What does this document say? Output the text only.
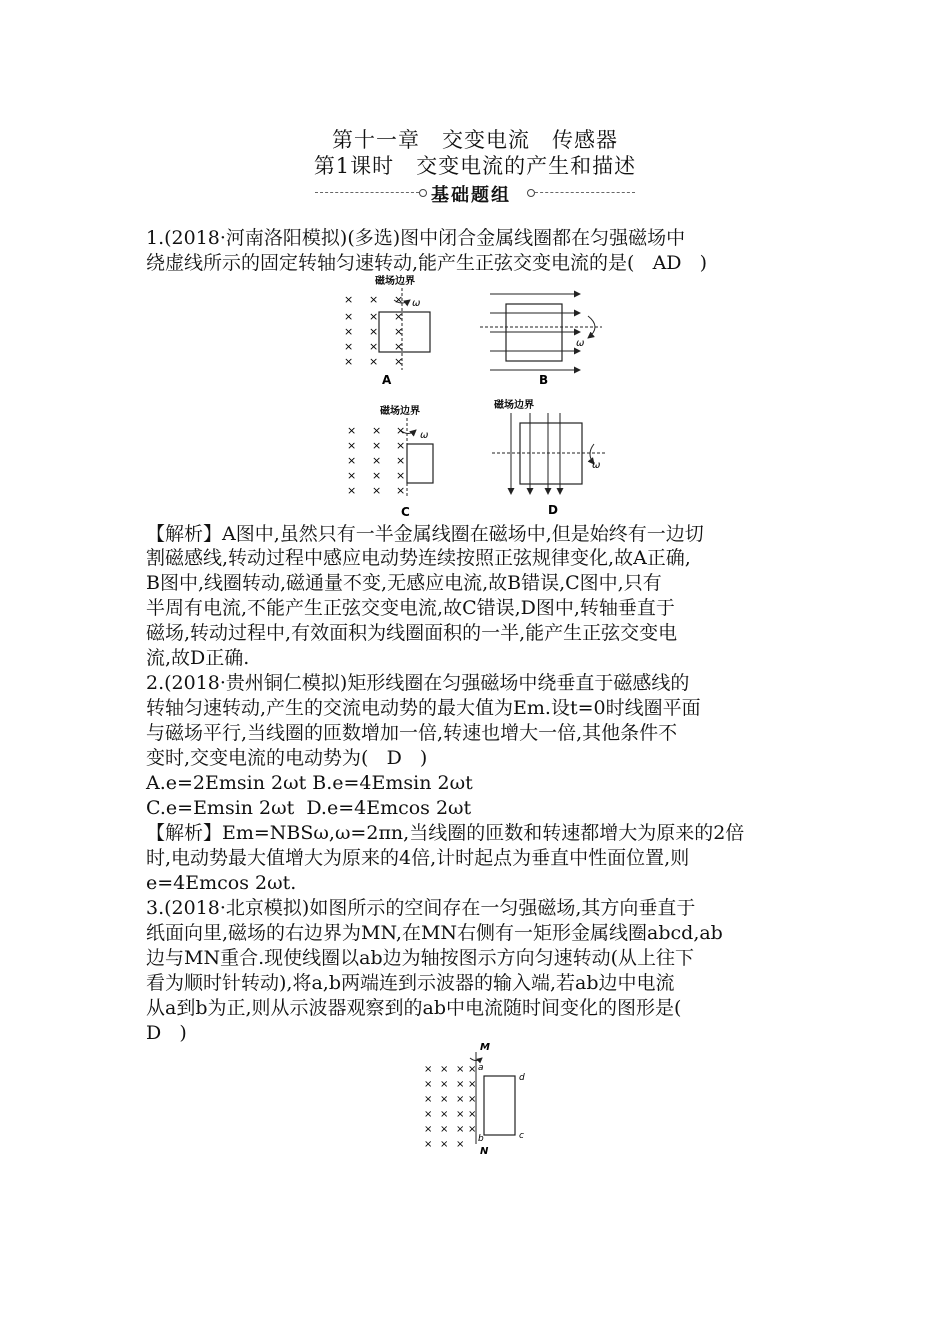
第十一章　交变电流　传感器
第1课时　交变电流的产生和描述
基础题组
1.(2018·河南洛阳模拟)(多选)图中闭合金属线圈都在匀强磁场中
绕虚线所示的固定转轴匀速转动,能产生正弦交变电流的是(   AD   )
磁场边界
ω
× × ×
× × ×
× × ×
× × ×
× × ×
A
ω
B
磁场边界
ω
× × ×
× × ×
× × ×
× × ×
× × ×
C
磁场边界
ω
D
【解析】A图中,虽然只有一半金属线圈在磁场中,但是始终有一边切
割磁感线,转动过程中感应电动势连续按照正弦规律变化,故A正确,
B图中,线圈转动,磁通量不变,无感应电流,故B错误,C图中,只有
半周有电流,不能产生正弦交变电流,故C错误,D图中,转轴垂直于
磁场,转动过程中,有效面积为线圈面积的一半,能产生正弦交变电
流,故D正确.
2.(2018·贵州铜仁模拟)矩形线圈在匀强磁场中绕垂直于磁感线的
转轴匀速转动,产生的交流电动势的最大值为Em.设t=0时线圈平面
与磁场平行,当线圈的匝数增加一倍,转速也增大一倍,其他条件不
变时,交变电流的电动势为(   D   )
A.e=2Emsin 2ωt B.e=4Emsin 2ωt
C.e=Emsin 2ωt  D.e=4Emcos 2ωt
【解析】Em=NBSω,ω=2πn,当线圈的匝数和转速都增大为原来的2倍
时,电动势最大值增大为原来的4倍,计时起点为垂直中性面位置,则
e=4Emcos 2ωt.
3.(2018·北京模拟)如图所示的空间存在一匀强磁场,其方向垂直于
纸面向里,磁场的右边界为MN,在MN右侧有一矩形金属线圈abcd,ab
边与MN重合.现使线圈以ab边为轴按图示方向匀速转动(从上往下
看为顺时针转动),将a,b两端连到示波器的输入端,若ab边中电流
从a到b为正,则从示波器观察到的ab中电流随时间变化的图形是(
D   )
M
a
d
c
b
N
× × ×
× × ×
× × ×
× × ×
× × ×
× × ×
×
×
×
×
×
